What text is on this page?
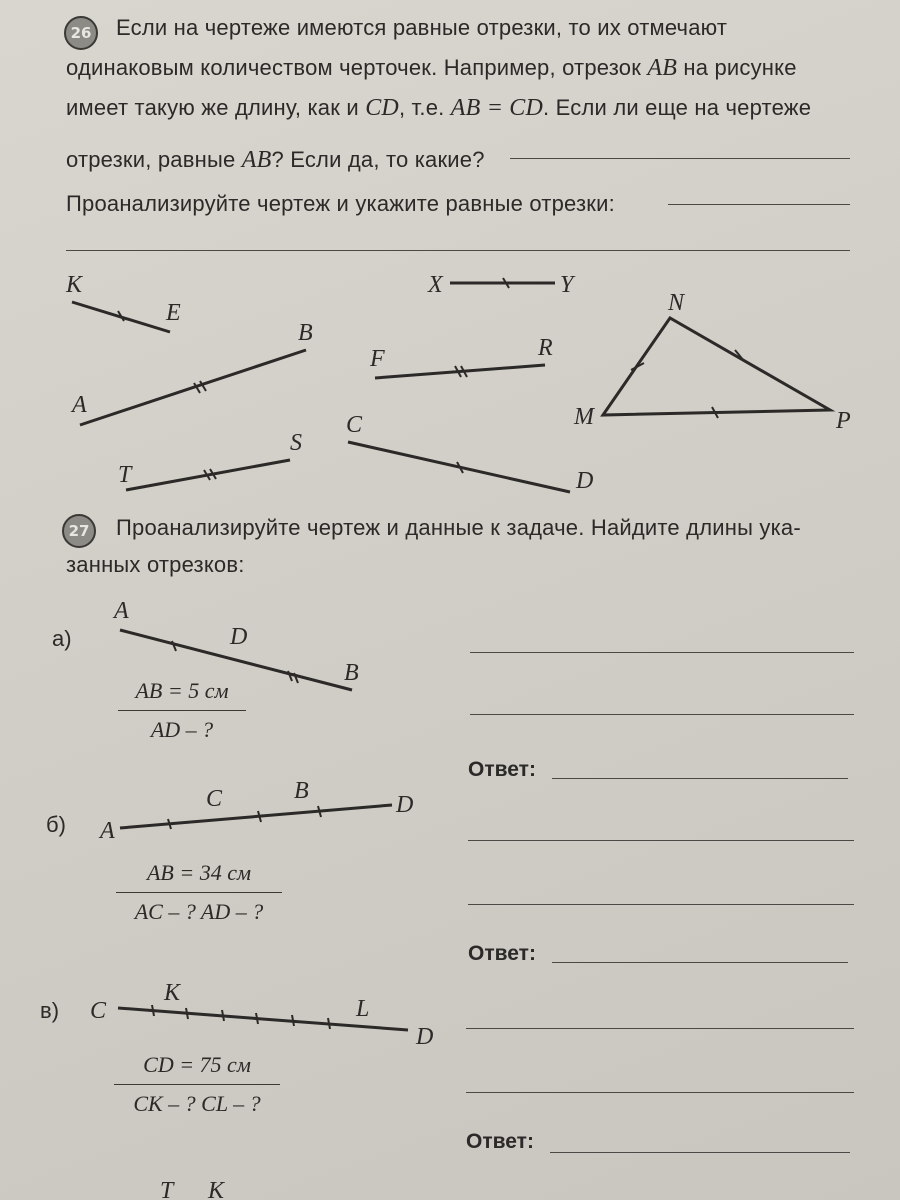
26	Если на чертеже имеются равные отрезки, то их отмечают
одинаковым количеством черточек. Например, отрезок AB на рисунке
имеет такую же длину, как и CD, т.е. AB = CD. Если ли еще на чертеже
отрезки, равные AB? Если да, то какие?
Проанализируйте чертеж и укажите равные отрезки:
K
E
A
B
T
S
X	Y
F	R
C
D
N
M	P
27	Проанализируйте чертеж и данные к задаче. Найдите длины ука-
занных отрезков:
а)
A
D
B
AB = 5 см
AD – ?
Ответ:
б) A
C	B
D
AB = 34 см
AC – ? AD – ?
Ответ:
в) C
K
L
D
CD = 75 см
CK – ? CL – ?
Ответ:
T K
